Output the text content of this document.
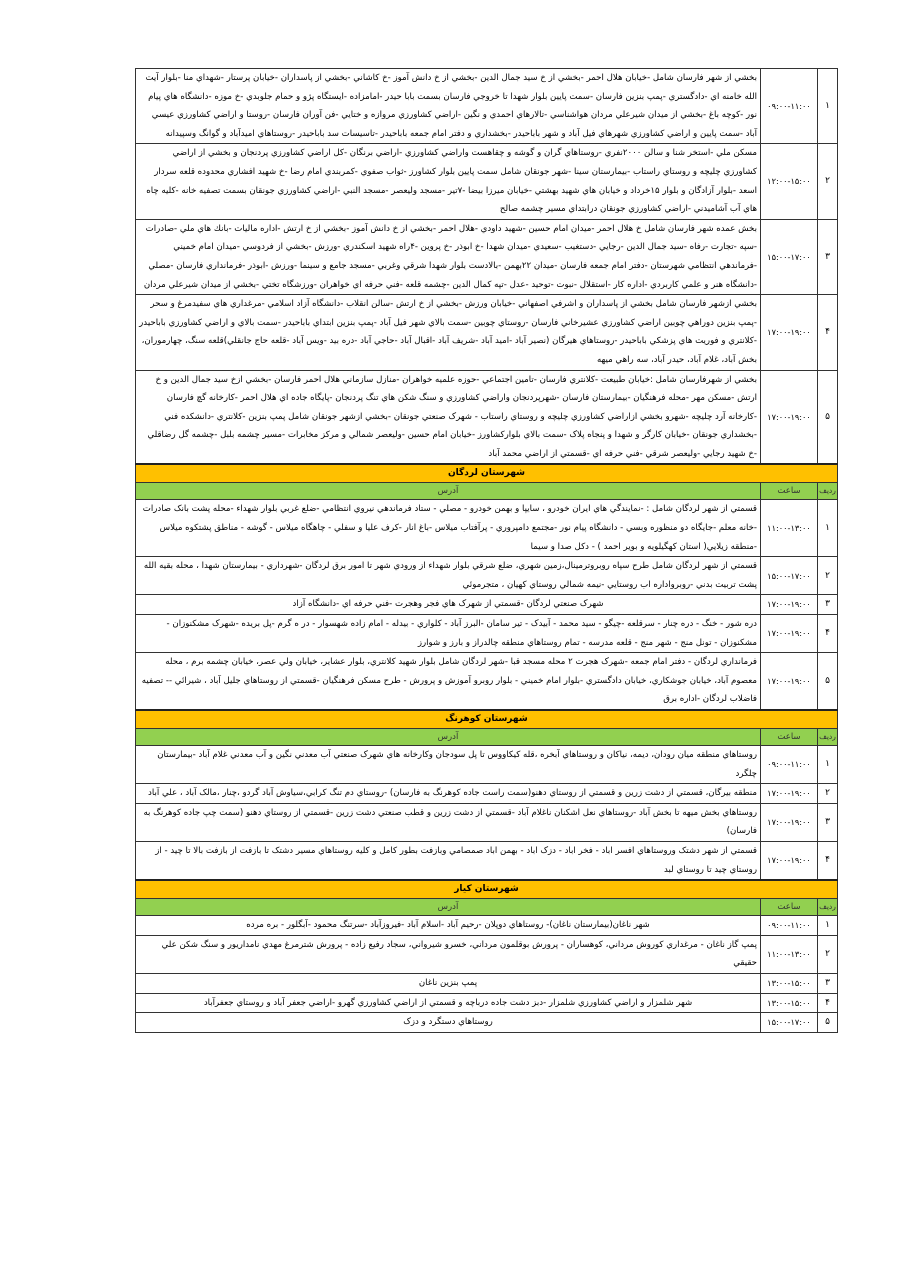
۱	۰۹:۰۰-۱۱:۰۰	بخشي از شهر فارسان شامل -خيابان هلال احمر -بخشي از خ سيد جمال الدين -بخشي از خ دانش آموز -خ كاشاني -بخشي از پاسداران -خيابان پرستار -شهداي منا -بلوار آيت الله خامنه اي -دادگستري -پمپ بنزين فارسان -سمت پايين بلوار شهدا تا خروجي فارسان بسمت بابا حيدر -امامزاده -ايستگاه پژو و حمام جلوبدي -خ موزه -دانشگاه هاي پيام نور -كوچه باغ -بخشي از ميدان شيرعلي مردان هواشناسي -تالارهاي احمدي و نگين -اراضي كشاورزي مروازه و ختايي -فن آوران فارسان -روستا و اراضي كشاورزي عيسي آباد -سمت پايين و اراضي كشاورزي شهرهاي فيل آباد و شهر باباحيدر -بخشداري و دفتر امام جمعه باباحيدر -تاسيسات سد باباحيدر -روستاهاي اميدآباد و گوانگ وسپيدانه
۲	۱۲:۰۰-۱۵:۰۰	مسكن ملي -استخر شنا و سالن ۲۰۰۰نفري -روستاهاي گران و گوشه و چقاهست واراضي كشاورزي -اراضي برنگان -كل اراضي كشاورزي پردنجان و بخشي از اراضي كشاورزي چليچه و روستاي راستاب -بيمارستان سينا -شهر جونقان شامل سمت پايين بلوار كشاورز -ثواب صفوي -كمربندي امام رضا -خ شهيد افشاري محدوده قلعه سردار اسعد -بلوار آزادگان و بلوار ۱۵خرداد و خيابان هاي شهيد بهشتي -خيابان ميرزا بيضا -۷تير -مسجد وليعصر -مسجد النبي -اراضي كشاورزي جونقان بسمت تصفيه خانه -كليه چاه هاي آب آشاميدني -اراضي كشاورزي جونقان درابتداي مسير چشمه صالح
۳	۱۵:۰۰-۱۷:۰۰	بخش عمده شهر فارسان شامل خ هلال احمر -ميدان امام حسين -شهيد داودي -هلال احمر -بخشي از خ دانش آموز -بخشي از خ ارتش -اداره ماليات -بانك هاي ملي -صادرات -سپه -تجارت -رفاه -سيد جمال الدين -رجايي -دستغيب -سعيدي -ميدان شهدا -خ ابوذر -خ پروين -۴راه شهيد اسكندري -ورزش -بخشي از فردوسي -ميدان امام خميني -فرماندهي انتظامي شهرستان -دفتر امام جمعه فارسان -ميدان ۲۲بهمن -بالادست بلوار شهدا شرقي وغربي -مسجد جامع و سينما -ورزش -ابوذر -فرمانداري فارسان -مصلي -دانشگاه هنر و علمي كاربردي -اداره كار -استقلال -نبوت -توحيد -عدل -تپه كمال الدين -چشمه قلعه -فني حرفه اي خواهران -ورزشگاه تختي -بخشي از ميدان شيرعلي مردان
۴	۱۷:۰۰-۱۹:۰۰	بخشي ازشهر فارسان شامل بخشي از پاسداران و اشرفي اصفهاني -خيابان ورزش -بخشي از خ ارتش -سالن انقلاب -دانشگاه آزاد اسلامي -مرغداري هاي سفيدمرغ و سحر -پمپ بنزين دوراهي چوبين اراضي كشاورزي عشيرخاني فارسان -روستاي چوبين -سمت بالاي شهر فيل آباد -پمپ بنزين ابتداي باباحيدر -سمت بالاي و اراضي كشاورزي باباحيدر -كلانتري و فوريت هاي پزشكي باباحيدر -روستاهاي هيرگان (نصير آباد -اميد آباد -شريف آباد -اقبال آباد -حاجي آباد -دره بيد -ويس آباد -قلعه حاج جانقلي)قلعه سنگ، چهارموران، بخش آباد، غلام آباد، حيدر آباد، سه راهي ميهه
۵	۱۷:۰۰-۱۹:۰۰	بخشي از شهرفارسان شامل :خيابان طبيعت -كلانتري فارسان -تامين اجتماعي -حوزه علميه خواهران -منازل سازماني هلال احمر فارسان -بخشي ازخ سيد جمال الدين و خ ارتش -مسكن مهر -محله فرهنگيان -بيمارستان فارسان -شهرپردنجان واراضي كشاورزي و سنگ شكن هاي تنگ پردنجان -پايگاه جاده اي هلال احمر -كارخانه گچ فارسان -كارخانه آرد چليچه -شهرو بخشي ازاراضي كشاورزي چليچه و روستاي راستاب - شهرک صنعتي جونقان -بخشي ازشهر جونقان شامل پمپ بنزين -كلانتري -دانشكده فني -بخشداري جونقان -خيابان كارگر و شهدا و پنجاه پلاک -سمت بالاي بلواركشاورز -خيابان امام حسين -وليعصر شمالي و مركز مخابرات -مسير چشمه بلبل -چشمه گل رضاقلي -خ شهيد رجايي -وليعصر شرقي -فني حرفه اي -قسمتي از اراضي محمد آباد
شهرستان لردگان		
ردیف	ساعت	آدرس
۱	۱۱:۰۰-۱۳:۰۰	قسمتي از شهر لردگان شامل : -نمايندگي هاي ايران خودرو ، سايپا و بهمن خودرو - مصلي - ستاد فرماندهي نيروي انتظامي -ضلع غربي بلوار شهداء -محله پشت بانک صادرات -خانه معلم -جايگاه دو منظوره وبسي - دانشگاه پيام نور -مجتمع دامپروري - پرآفتاب ميلاس -باغ انار -كرف عليا و سفلي - چاهگاه ميلاس - گوشه - مناطق پشتكوه ميلاس -منطقه زيلايي( استان كهگيلويه و بوير احمد ) - دكل صدا و سيما
۲	۱۵:۰۰-۱۷:۰۰	قسمتي از شهر لردگان شامل طرح سپاه روبروترمينال،زمين شهري، ضلع شرقي بلوار شهداء از ورودي شهر تا امور برق لردگان -شهرداري - بيمارستان شهدا ، محله بقيه الله پشت تربيت بدني -روبرواداره اب روستايي -نيمه شمالي روستاي كهيان ، متجرموئي
۳	۱۷:۰۰-۱۹:۰۰	شهرک صنعتي لردگان -قسمتي از شهرک هاي فجر وهجرت -فني حرفه اي -دانشگاه آزاد
۴	۱۷:۰۰-۱۹:۰۰	دره شور - خنگ - دره چنار - سرقلعه -چيگو - سيد محمد - آبيدک - تير سامان -البرز آباد - كلواري - بيدله - امام زاده شهسوار - در ه گرم -پل بريده -شهرک مشكنوزان - مشكنوزان - تونل منج - شهر منج - قلعه مدرسه - تمام روستاهاي منطقه چالدراز و بارز و شوارز
۵	۱۷:۰۰-۱۹:۰۰	فرمانداري لردگان - دفتر امام جمعه -شهرک هجرت ۲ محله مسجد قبا -شهر لردگان شامل بلوار شهيد كلانتري، بلوار عشاير، خيابان ولي عصر، خيابان چشمه برم ، محله معصوم آباد، خيابان جوشكاري، خيابان دادگستري -بلوار امام خميني - بلوار روبرو آموزش و پرورش - طرح مسكن فرهنگيان -قسمتي از روستاهاي جليل آباد ، شيرائي -- تصفيه فاضلاب لردگان -اداره برق
شهرستان کوهرنگ		
ردیف	ساعت	آدرس
۱	۰۹:۰۰-۱۱:۰۰	روستاهاي منطقه ميان رودان، ديمه، نياكان و روستاهاي آبخره ،قله كيكاووس تا پل سودجان وكارخانه هاي شهرک صنعتي آب معدني نگين و آب معدني غلام آباد -بيمارستان چلگرد
۲	۱۷:۰۰-۱۹:۰۰	منطقه بيرگان، قسمتي از دشت زرين و قسمتي از روستاي دهنو(سمت راست جاده كوهرنگ به فارسان) -روستاي دم تنگ كرابي،سياوش آباد گردو ،چنار ،مالک آباد ، علي آباد
۳	۱۷:۰۰-۱۹:۰۰	روستاهاي بخش ميهه تا بخش آباد -روستاهاي نعل اشكنان ناغلام آباد -قسمتي از دشت زرين و قطب صنعتي دشت زرين -قسمتي از روستاي دهنو (سمت چپ جاده كوهرنگ به فارسان)
۴	۱۷:۰۰-۱۹:۰۰	قسمتي از شهر دشتک وروستاهاي افسر اباد - فخر اباد - دزک اباد - بهمن اباد صمصامي وبازفت بطور كامل و كليه روستاهاي مسير دشتک تا بازفت از بازفت بالا تا چيد - از روستاي چيد تا روستاي لبد
شهرستان کیار		
ردیف	ساعت	آدرس
۱	۰۹:۰۰-۱۱:۰۰	شهر ناغان(بيمارستان ناغان)- روستاهاي دوپلان -رحيم آباد -اسلام آباد -فيروزآباد -سرتنگ محمود -آبگلور - بره مرده
۲	۱۱:۰۰-۱۳:۰۰	پمپ گاز ناغان - مرغداري كوروش مرداني، كوهساران - پرورش بوقلمون مرداني، خسرو شيرواني، سجاد رفيع زاده - پرورش شترمرغ مهدي نامداريور و سنگ شكن علي حقيقي
۳	۱۳:۰۰-۱۵:۰۰	پمپ بنزين ناغان
۴	۱۳:۰۰-۱۵:۰۰	شهر شلمزار و اراضي كشاورزي شلمزار -دبز دشت جاده درباچه و قسمتي از اراضي كشاورزي گهرو -اراضي جعفر آباد و روستاي جعفرآباد
۵	۱۵:۰۰-۱۷:۰۰	روستاهاي دستگرد و دزک
